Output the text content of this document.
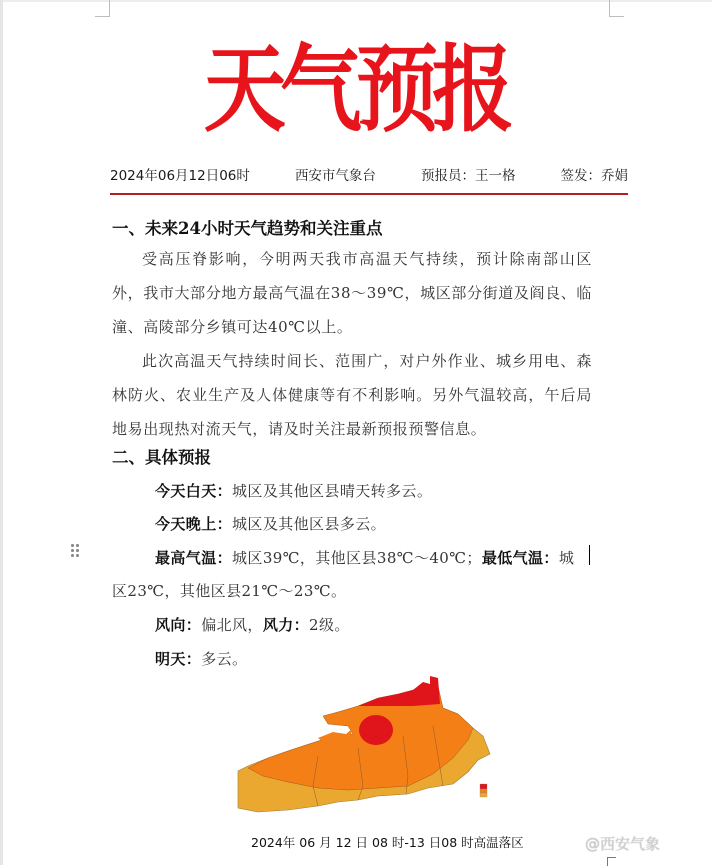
天气预报
2024年06月12日06时	西安市气象台	预报员：王一格	签发：乔娟
一、未来24小时天气趋势和关注重点

受高压脊影响，今明两天我市高温天气持续，预计除南部山区外，我市大部分地方最高气温在38～39℃，城区部分街道及阎良、临潼、高陵部分乡镇可达40℃以上。

此次高温天气持续时间长、范围广，对户外作业、城乡用电、森林防火、农业生产及人体健康等有不利影响。另外气温较高，午后局地易出现热对流天气，请及时关注最新预报预警信息。

二、具体预报
今天白天：城区及其他区县晴天转多云。
今天晚上：城区及其他区县多云。
最高气温：城区39℃，其他区县38℃～40℃；最低气温：城
区23℃，其他区县21℃～23℃。
风向：偏北风，风力：2级。
明天：多云。
2024年 06 月 12 日 08 时-13 日08 时高温落区	@西安气象
